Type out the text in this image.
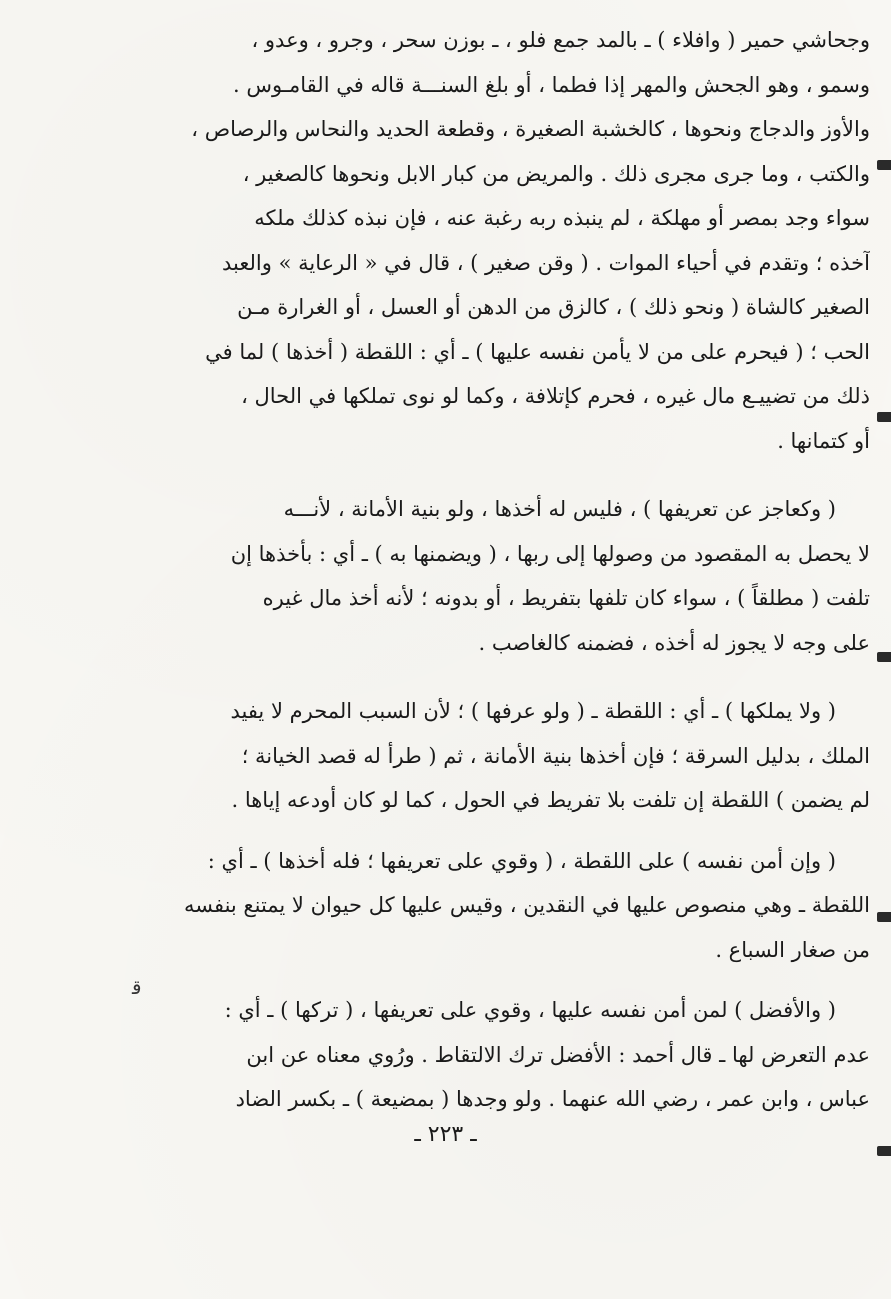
وجحاشي حمير ( وافلاء ) ـ بالمد جمع فلو ، ـ بوزن سحر ، وجرو ، وعدو ،
وسمو ، وهو الجحش والمهر إذا فطما ، أو بلغ السنـــة قاله في القامـوس .
والأوز والدجاج ونحوها ، كالخشبة الصغيرة ، وقطعة الحديد والنحاس والرصاص ،
والكتب ، وما جرى مجرى ذلك . والمريض من كبار الابل ونحوها كالصغير ،
سواء وجد بمصر أو مهلكة ، لم ينبذه ربه رغبة عنه ، فإن نبذه كذلك ملكه
آخذه ؛ وتقدم في أحياء الموات . ( وقن صغير ) ، قال في « الرعاية » والعبد
الصغير كالشاة ( ونحو ذلك ) ، كالزق من الدهن أو العسل ، أو الغرارة مـن
الحب ؛ ( فيحرم على من لا يأمن نفسه عليها ) ـ أي : اللقطة ( أخذها ) لما في
ذلك من تضييـع مال غيره ، فحرم كإتلافة ، وكما لو نوى تملكها في الحال ،
أو كتمانها .
( وكعاجز عن تعريفها ) ، فليس له أخذها ، ولو بنية الأمانة ، لأنـــه
لا يحصل به المقصود من وصولها إلى ربها ، ( ويضمنها به ) ـ أي : بأخذها إن
تلفت ( مطلقاً ) ، سواء كان تلفها بتفريط ، أو بدونه ؛ لأنه أخذ مال غيره
على وجه لا يجوز له أخذه ، فضمنه كالغاصب .
( ولا يملكها ) ـ أي : اللقطة ـ ( ولو عرفها ) ؛ لأن السبب المحرم لا يفيد
الملك ، بدليل السرقة ؛ فإن أخذها بنية الأمانة ، ثم ( طرأ له قصد الخيانة ؛
لم يضمن ) اللقطة إن تلفت بلا تفريط في الحول ، كما لو كان أودعه إياها .
( وإن أمن نفسه ) على اللقطة ، ( وقوي على تعريفها ؛ فله أخذها ) ـ أي :
اللقطة ـ وهي منصوص عليها في النقدين ، وقيس عليها كل حيوان لا يمتنع بنفسه
من صغار السباع .
( والأفضل ) لمن أمن نفسه عليها ، وقوي على تعريفها ، ( تركها ) ـ أي :
عدم التعرض لها ـ قال أحمد : الأفضل ترك الالتقاط . ورُوي معناه عن ابن
عباس ، وابن عمر ، رضي الله عنهما . ولو وجدها ( بمضيعة ) ـ بكسر الضاد
ﻗ
ـ ٢٢٣ ـ
